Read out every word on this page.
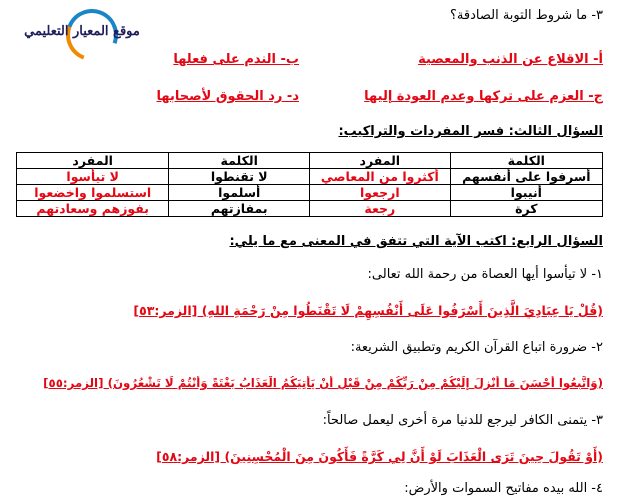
موقع المعيار التعليمي
٣- ما شروط التوبة الصادقة؟
أ- الاقلاع عن الذنب والمعصية
ب- الندم على فعلها
ج- العزم على تركها وعدم العودة إليها
د- رد الحقوق لأصحابها
السؤال الثالث: فسر المفردات والتراكيب:
الكلمة	المفرد	الكلمة	المفرد
أسرفوا على أنفسهم	أكثروا من المعاصي	لا تقنطوا	لا تيأسوا
أنيبوا	ارجعوا	أسلموا	استسلموا واخضعوا
كرة	رجعة	بمفازتهم	بفوزهم وسعادتهم
السؤال الرابع: اكتب الآية التي تتفق في المعنى مع ما يلي:
١- لا تيأسوا أيها العصاة من رحمة الله تعالى:
(قُلْ يَا عِبَادِيَ الَّذِينَ أَسْرَفُوا عَلَى أَنْفُسِهِمْ لَا تَقْنَطُوا مِنْ رَحْمَةِ اللهِ) [الزمر:٥٣]
٢- ضرورة اتباع القرآن الكريم وتطبيق الشريعة:
(وَاتَّبِعُوا أَحْسَنَ مَا أُنْزِلَ إِلَيْكُمْ مِنْ رَبِّكُمْ مِنْ قَبْلِ أَنْ يَأْتِيَكُمُ الْعَذَابُ بَغْتَةً وَأَنْتُمْ لَا تَشْعُرُونَ) [الزمر:٥٥]
٣- يتمنى الكافر ليرجع للدنيا مرة أخرى ليعمل صالحاً:
(أَوْ تَقُولَ حِينَ تَرَى الْعَذَابَ لَوْ أَنَّ لِي كَرَّةً فَأَكُونَ مِنَ الْمُحْسِنِينَ) [الزمر:٥٨]
٤- الله بيده مفاتيح السموات والأرض:
